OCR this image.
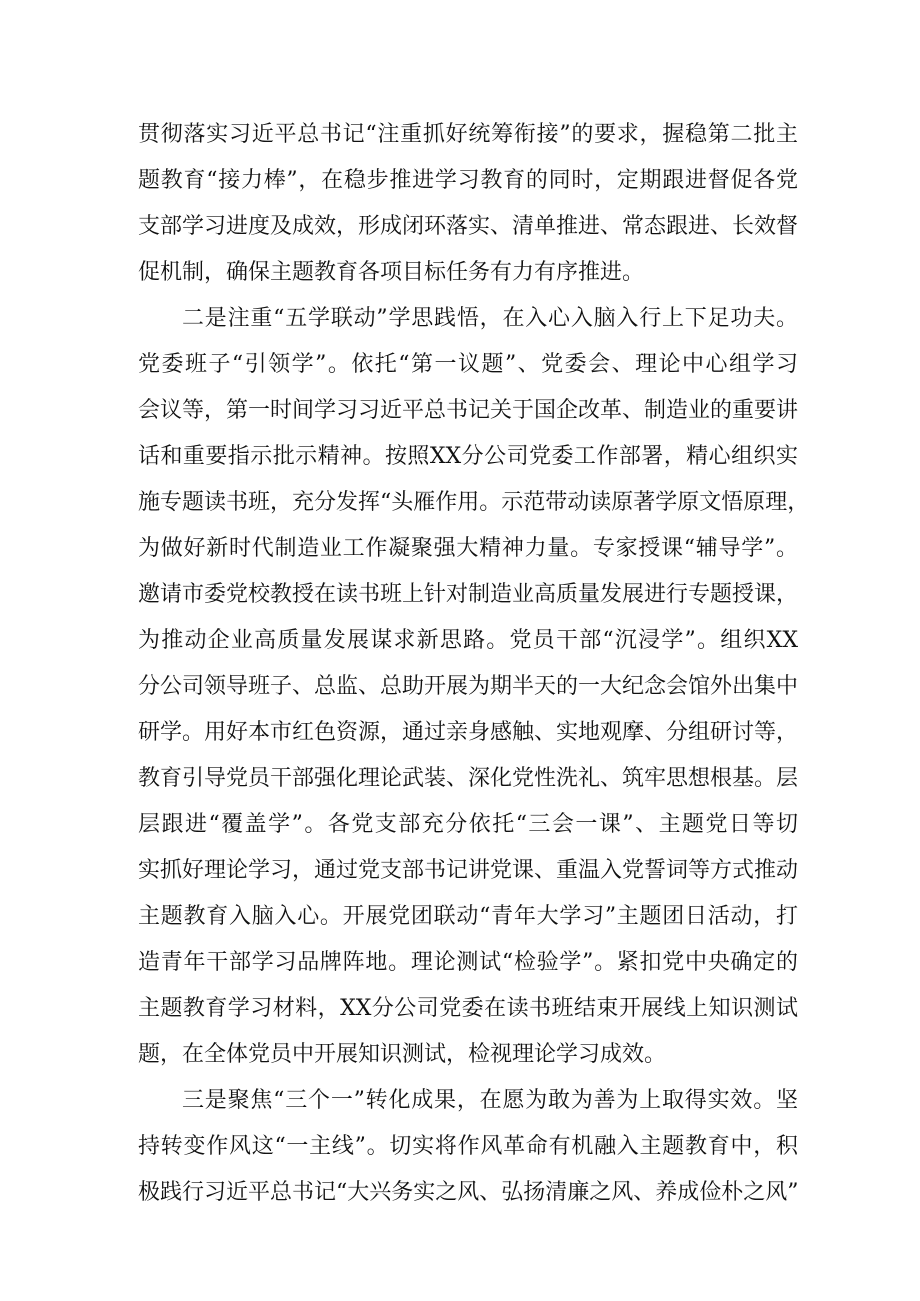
贯彻落实习近平总书记“注重抓好统筹衔接”的要求，握稳第二批主
题教育“接力棒”，在稳步推进学习教育的同时，定期跟进督促各党
支部学习进度及成效，形成闭环落实、清单推进、常态跟进、长效督
促机制，确保主题教育各项目标任务有力有序推进。
二是注重“五学联动”学思践悟，在入心入脑入行上下足功夫。
党委班子“引领学”。依托“第一议题”、党委会、理论中心组学习
会议等，第一时间学习习近平总书记关于国企改革、制造业的重要讲
话和重要指示批示精神。按照XX分公司党委工作部署，精心组织实
施专题读书班，充分发挥“头雁作用。示范带动读原著学原文悟原理，
为做好新时代制造业工作凝聚强大精神力量。专家授课“辅导学”。
邀请市委党校教授在读书班上针对制造业高质量发展进行专题授课，
为推动企业高质量发展谋求新思路。党员干部“沉浸学”。组织XX
分公司领导班子、总监、总助开展为期半天的一大纪念会馆外出集中
研学。用好本市红色资源，通过亲身感触、实地观摩、分组研讨等，
教育引导党员干部强化理论武装、深化党性洗礼、筑牢思想根基。层
层跟进“覆盖学”。各党支部充分依托“三会一课”、主题党日等切
实抓好理论学习，通过党支部书记讲党课、重温入党誓词等方式推动
主题教育入脑入心。开展党团联动“青年大学习”主题团日活动，打
造青年干部学习品牌阵地。理论测试“检验学”。紧扣党中央确定的
主题教育学习材料，XX分公司党委在读书班结束开展线上知识测试
题，在全体党员中开展知识测试，检视理论学习成效。
三是聚焦“三个一”转化成果，在愿为敢为善为上取得实效。坚
持转变作风这“一主线”。切实将作风革命有机融入主题教育中，积
极践行习近平总书记“大兴务实之风、弘扬清廉之风、养成俭朴之风”
